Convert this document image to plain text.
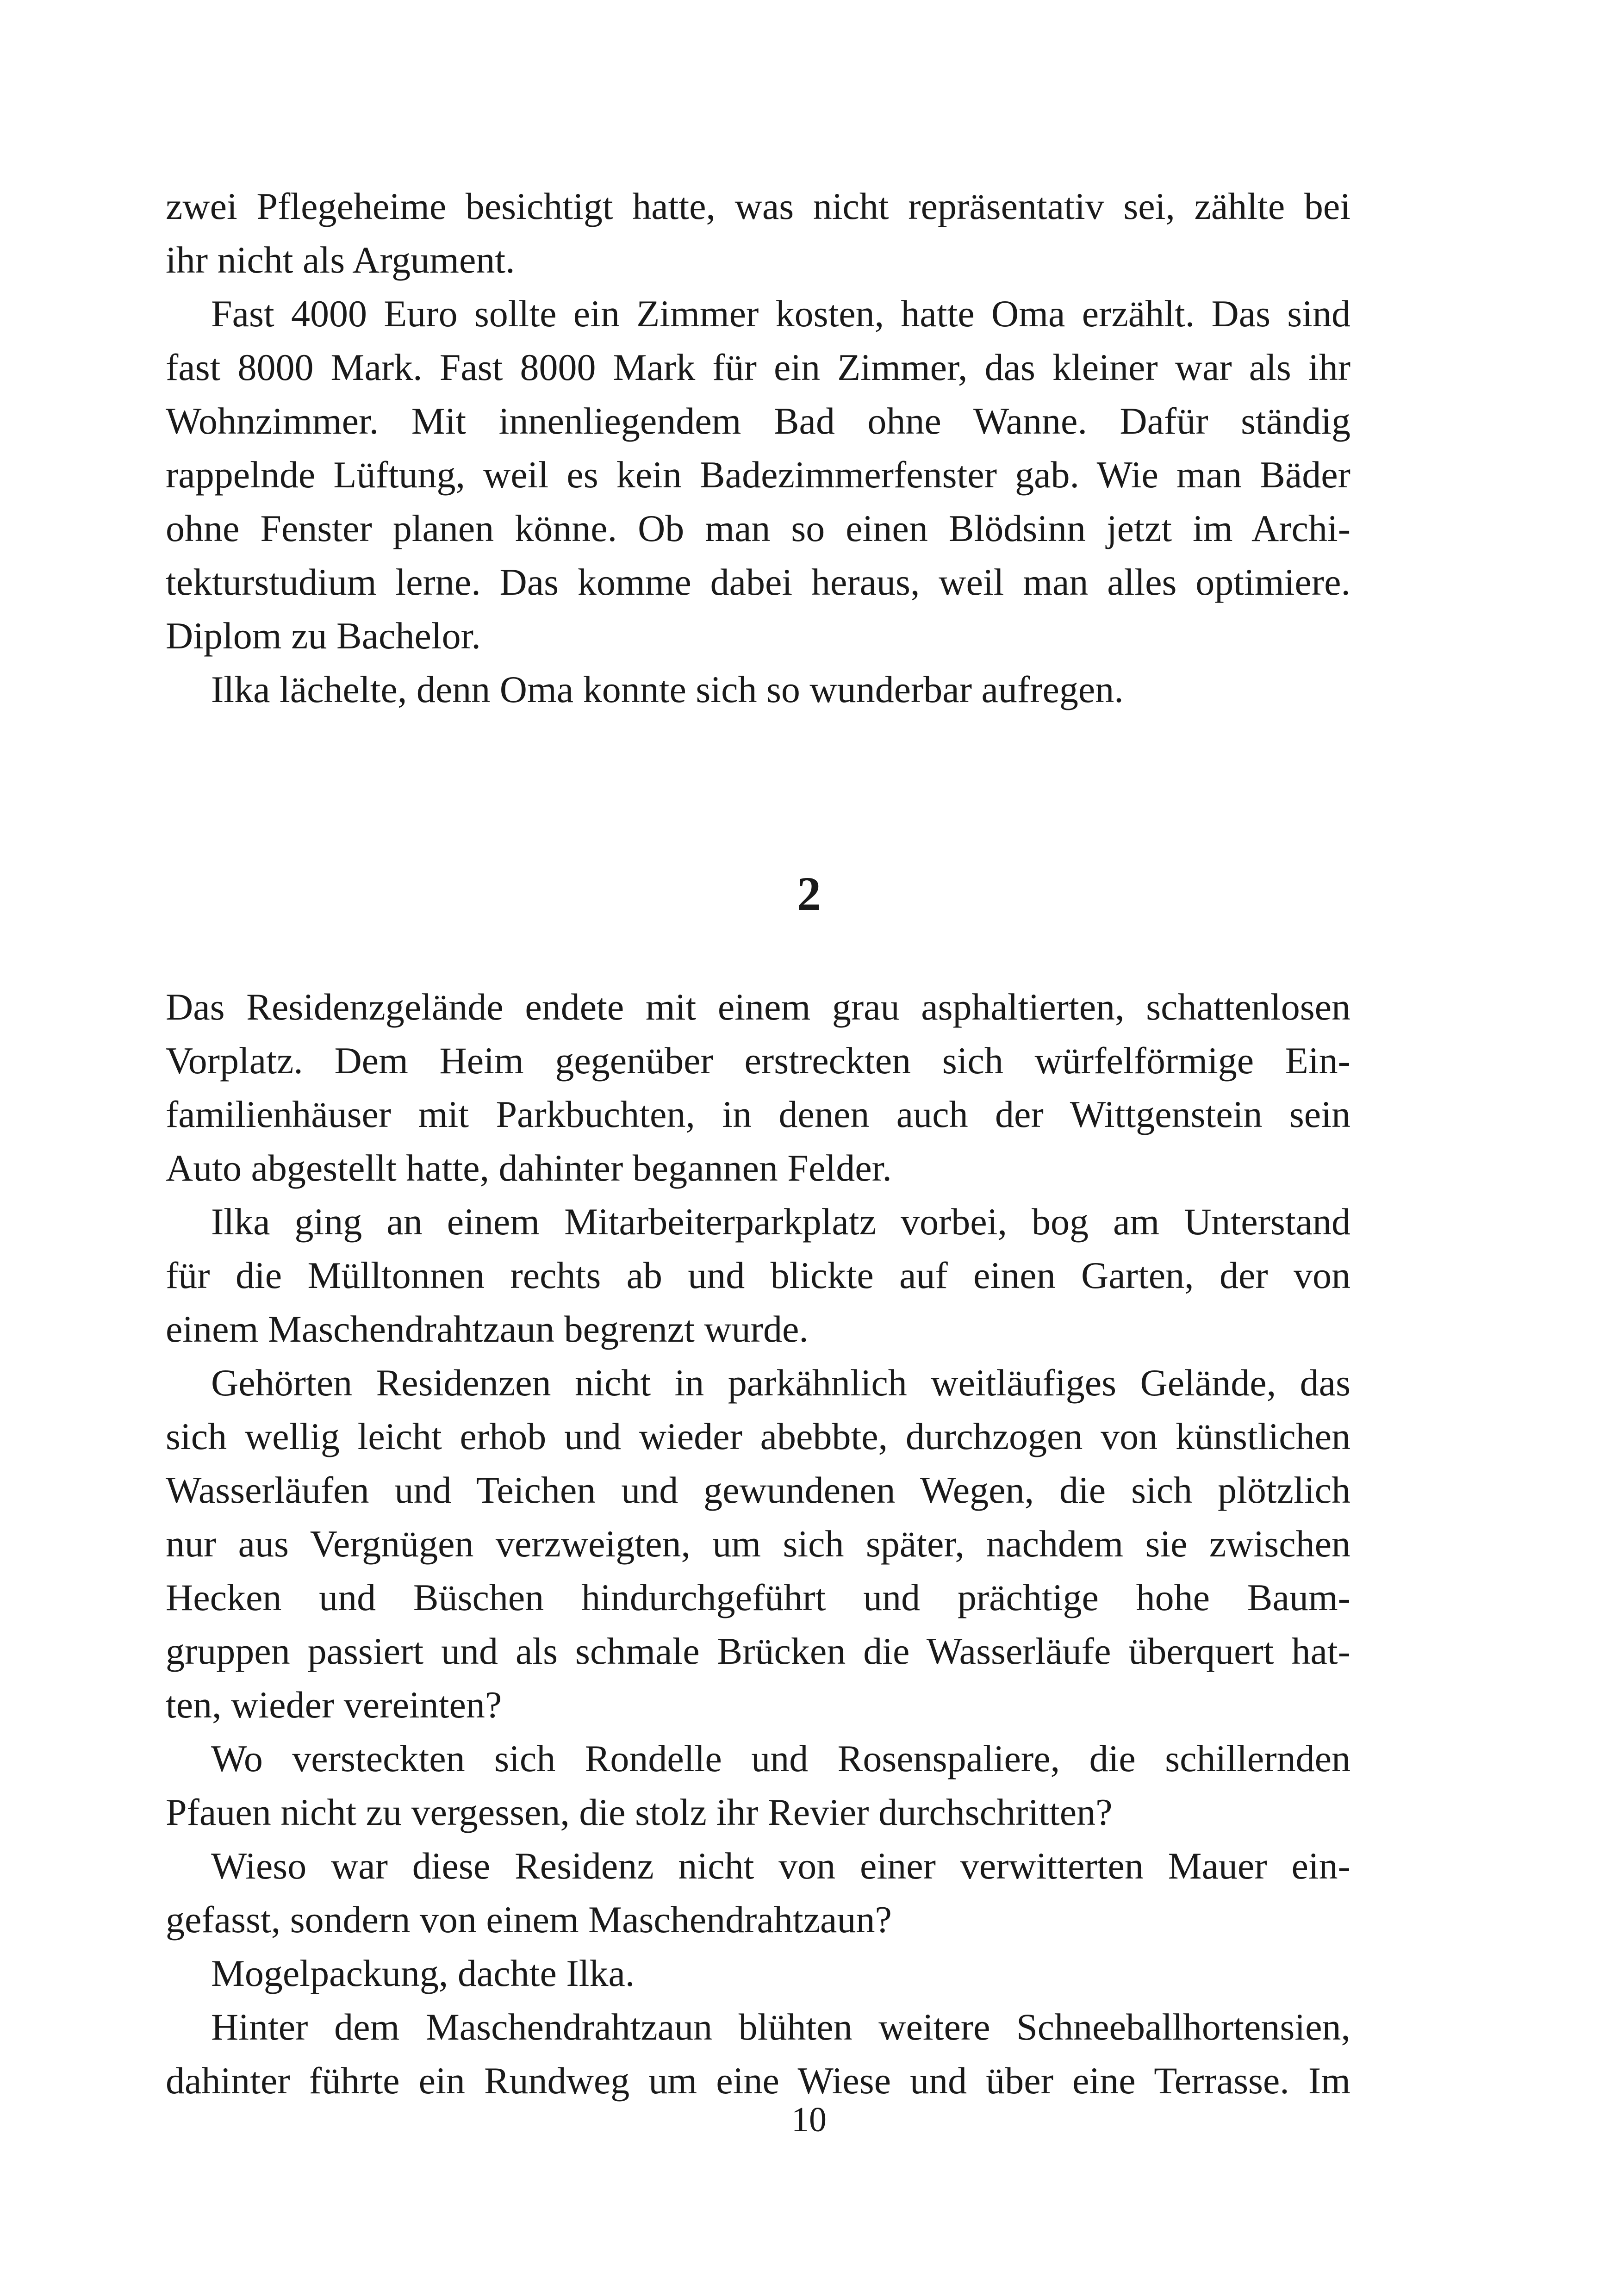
zwei Pflegeheime besichtigt hatte, was nicht repräsentativ sei, zählte bei
ihr nicht als Argument.
Fast 4000 Euro sollte ein Zimmer kosten, hatte Oma erzählt. Das sind
fast 8000 Mark. Fast 8000 Mark für ein Zimmer, das kleiner war als ihr
Wohnzimmer. Mit innenliegendem Bad ohne Wanne. Dafür ständig
rappelnde Lüftung, weil es kein Badezimmerfenster gab. Wie man Bäder
ohne Fenster planen könne. Ob man so einen Blödsinn jetzt im Archi-
tekturstudium lerne. Das komme dabei heraus, weil man alles optimiere.
Diplom zu Bachelor.
Ilka lächelte, denn Oma konnte sich so wunderbar aufregen.
2
Das Residenzgelände endete mit einem grau asphaltierten, schattenlosen
Vorplatz. Dem Heim gegenüber erstreckten sich würfelförmige Ein-
familienhäuser mit Parkbuchten, in denen auch der Wittgenstein sein
Auto abgestellt hatte, dahinter begannen Felder.
Ilka ging an einem Mitarbeiterparkplatz vorbei, bog am Unterstand
für die Mülltonnen rechts ab und blickte auf einen Garten, der von
einem Maschendrahtzaun begrenzt wurde.
Gehörten Residenzen nicht in parkähnlich weitläufiges Gelände, das
sich wellig leicht erhob und wieder abebbte, durchzogen von künstlichen
Wasserläufen und Teichen und gewundenen Wegen, die sich plötzlich
nur aus Vergnügen verzweigten, um sich später, nachdem sie zwischen
Hecken und Büschen hindurchgeführt und prächtige hohe Baum-
gruppen passiert und als schmale Brücken die Wasserläufe überquert hat-
ten, wieder vereinten?
Wo versteckten sich Rondelle und Rosenspaliere, die schillernden
Pfauen nicht zu vergessen, die stolz ihr Revier durchschritten?
Wieso war diese Residenz nicht von einer verwitterten Mauer ein-
gefasst, sondern von einem Maschendrahtzaun?
Mogelpackung, dachte Ilka.
Hinter dem Maschendrahtzaun blühten weitere Schneeballhortensien,
dahinter führte ein Rundweg um eine Wiese und über eine Terrasse. Im
10
